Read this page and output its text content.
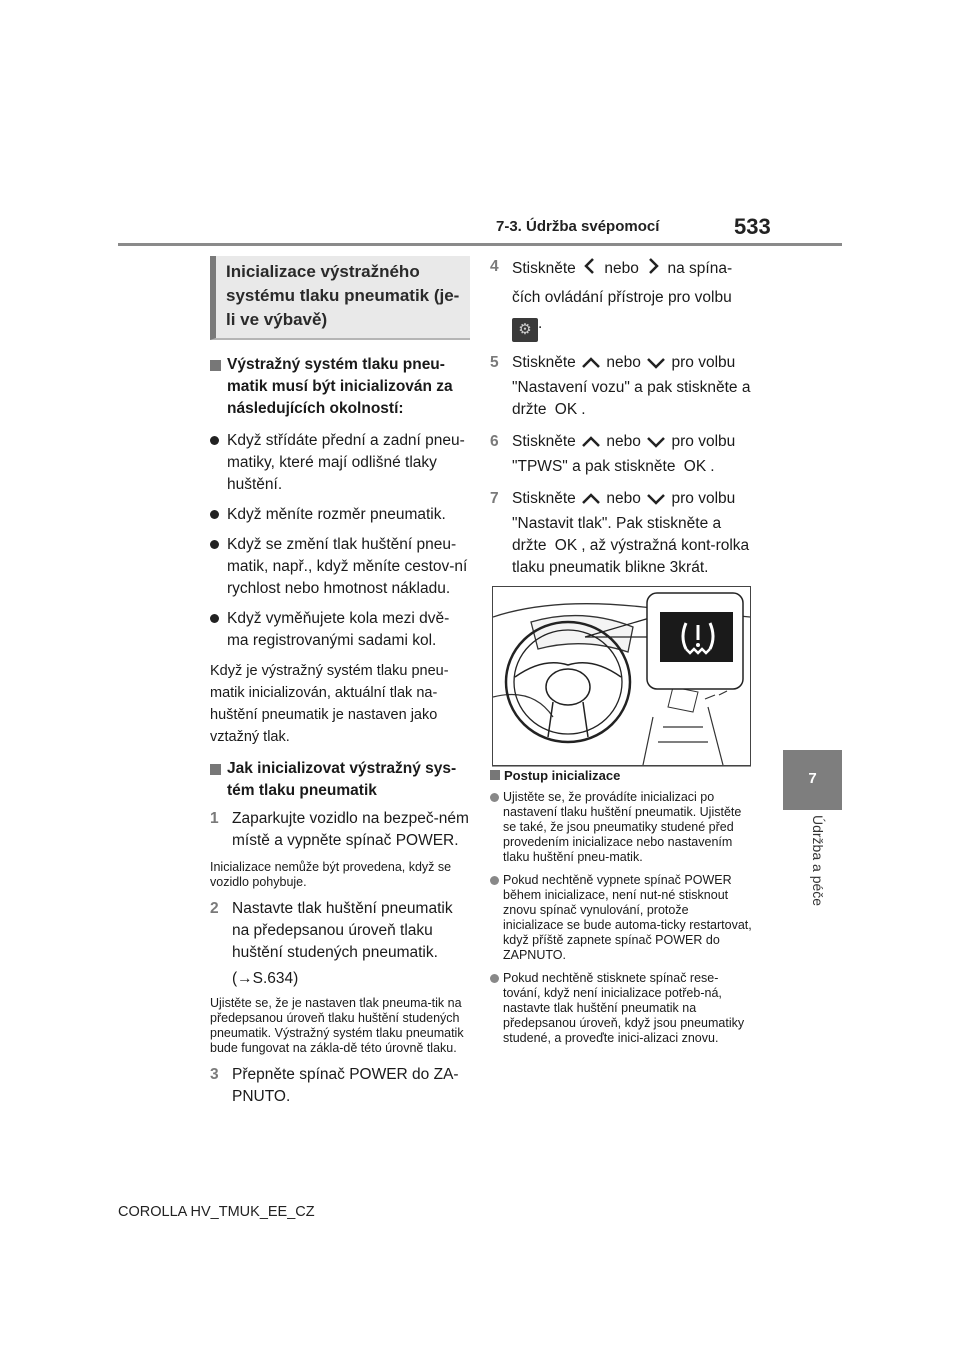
7-3. Údržba svépomocí	533
7
Údržba a péče
Inicializace výstražného systému tlaku pneumatik (je-li ve výbavě)

Výstražný systém tlaku pneu-matik musí být inicializován za následujících okolností:

Když střídáte přední a zadní pneu-matiky, které mají odlišné tlaky huštění.

Když měníte rozměr pneumatik.

Když se změní tlak huštění pneu-matik, např., když měníte cestov-ní rychlost nebo hmotnost nákladu.

Když vyměňujete kola mezi dvě-ma registrovanými sadami kol.

Když je výstražný systém tlaku pneu-matik inicializován, aktuální tlak na-huštění pneumatik je nastaven jako vztažný tlak.

Jak inicializovat výstražný sys-tém tlaku pneumatik

1 Zaparkujte vozidlo na bezpeč-ném místě a vypněte spínač POWER.

Inicializace nemůže být provedena, když se vozidlo pohybuje.

2 Nastavte tlak huštění pneumatik na předepsanou úroveň tlaku huštění studených pneumatik.

(→S.634)

Ujistěte se, že je nastaven tlak pneuma-tik na předepsanou úroveň tlaku huštění studených pneumatik. Výstražný systém tlaku pneumatik bude fungovat na zákla-dě této úrovně tlaku.

3 Přepněte spínač POWER do ZA-PNUTO.

4 Stiskněte nebo na spína-čích ovládání přístroje pro volbu
⚙ .

5 Stiskněte nebo pro volbu "Nastavení vozu" a pak stiskněte a držte OK .

6 Stiskněte nebo pro volbu "TPWS" a pak stiskněte OK .

7 Stiskněte nebo pro volbu "Nastavit tlak". Pak stiskněte a držte OK , až výstražná kont-rolka tlaku pneumatik blikne 3krát.

Postup inicializace

Ujistěte se, že provádíte inicializaci po nastavení tlaku huštění pneumatik. Ujistěte se také, že jsou pneumatiky studené před provedením inicializace nebo nastavením tlaku huštění pneu-matik.

Pokud nechtěně vypnete spínač POWER během inicializace, není nut-né stisknout znovu spínač vynulování, protože inicializace se bude automa-ticky restartovat, když příště zapnete spínač POWER do ZAPNUTO.

Pokud nechtěně stisknete spínač rese-tování, když není inicializace potřeb-ná, nastavte tlak huštění pneumatik na předepsanou úroveň, když jsou pneumatiky studené, a proveďte inici-alizaci znovu.

COROLLA HV_TMUK_EE_CZ
